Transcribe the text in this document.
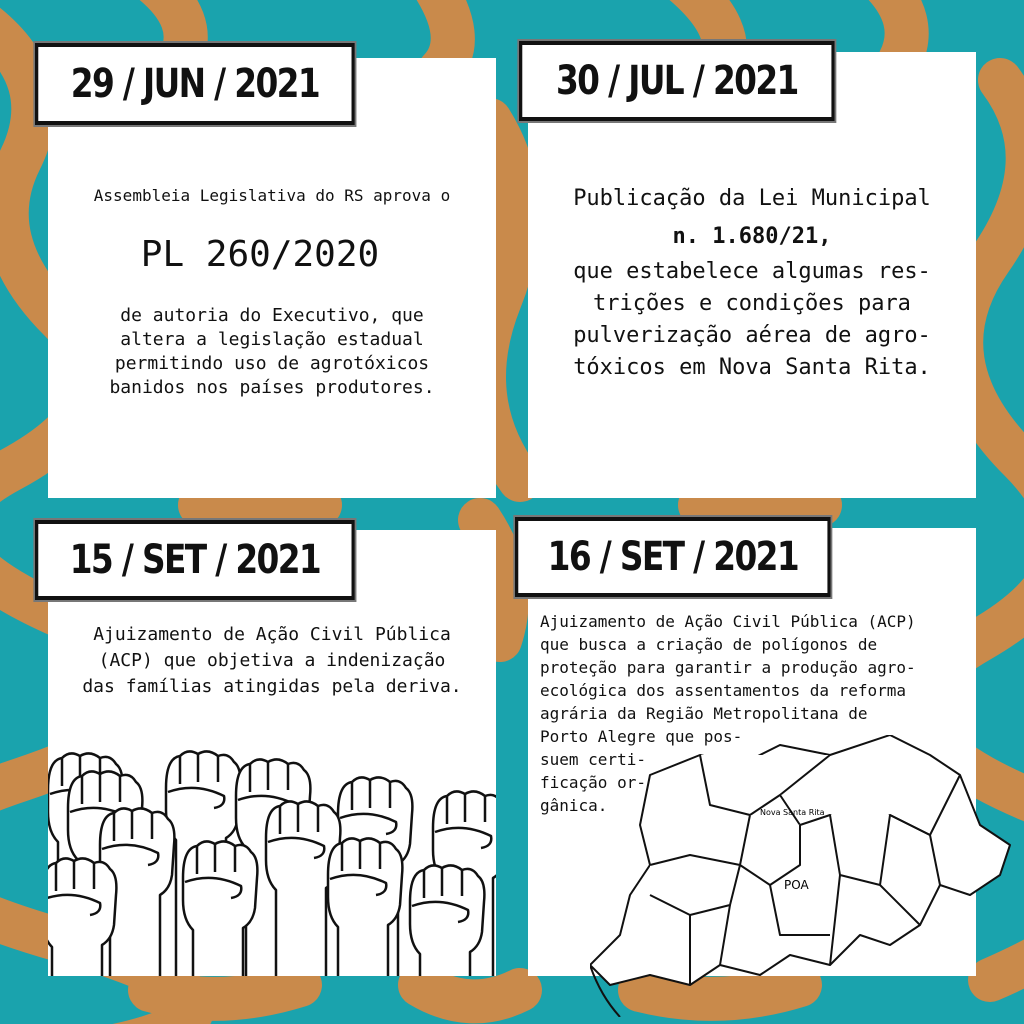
29 / JUN / 2021

Assembleia Legislativa do RS aprova o

PL 260/2020

de autoria do Executivo, que
altera a legislação estadual
permitindo uso de agrotóxicos
banidos nos países produtores.

30 / JUL / 2021

Publicação da Lei Municipal

n. 1.680/21,

que estabelece algumas res-
trições e condições para
pulverização aérea de agro-
tóxicos em Nova Santa Rita.

15 / SET / 2021

Ajuizamento de Ação Civil Pública
(ACP) que objetiva a indenização
das famílias atingidas pela deriva.

16 / SET / 2021

Ajuizamento de Ação Civil Pública (ACP)
que busca a criação de polígonos de
proteção para garantir a produção agro-
ecológica dos assentamentos da reforma
agrária da Região Metropolitana de
Porto Alegre que pos-

suem certi-
ficação or-
gânica.	Nova Santa Rita
POA
